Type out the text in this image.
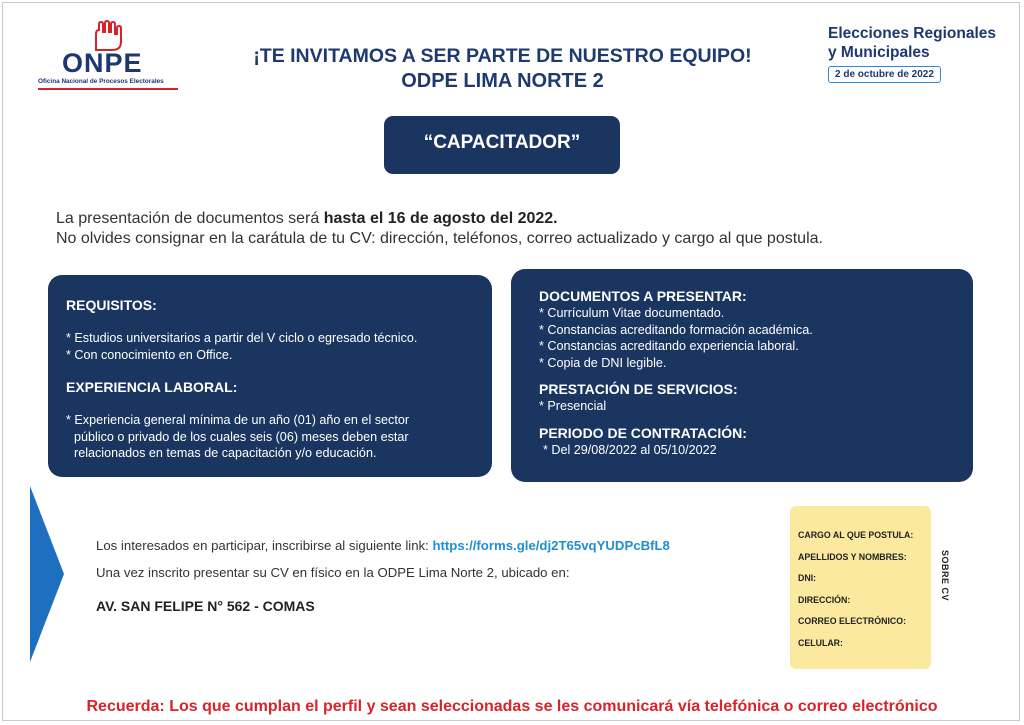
ONPE
Oficina Nacional de Procesos Electorales
¡TE INVITAMOS A SER PARTE DE NUESTRO EQUIPO!
ODPE LIMA NORTE 2
Elecciones Regionales
y Municipales
2 de octubre de 2022
“CAPACITADOR”
La presentación de documentos será hasta el 16 de agosto del 2022.
No olvides consignar en la carátula de tu CV: dirección, teléfonos, correo actualizado y cargo al que postula.
REQUISITOS:

* Estudios universitarios a partir del V ciclo o egresado técnico.

* Con conocimiento en Office.

EXPERIENCIA LABORAL:

* Experiencia general mínima de un año (01) año en el sector

público o privado de los cuales seis (06) meses deben estar

relacionados en temas de capacitación y/o educación.

DOCUMENTOS A PRESENTAR:

* Currículum Vitae documentado.

* Constancias acreditando formación académica.

* Constancias acreditando experiencia laboral.

* Copia de DNI legible.

PRESTACIÓN DE SERVICIOS:

* Presencial

PERIODO DE CONTRATACIÓN:

* Del 29/08/2022 al 05/10/2022

Los interesados en participar, inscribirse al siguiente link: https://forms.gle/dj2T65vqYUDPcBfL8
Una vez inscrito presentar su CV en físico en la ODPE Lima Norte 2, ubicado en:
AV. SAN FELIPE N° 562 - COMAS
CARGO AL QUE POSTULA:
APELLIDOS Y NOMBRES:
DNI:
DIRECCIÓN:
CORREO ELECTRÓNICO:
CELULAR:
SOBRE CV
Recuerda: Los que cumplan el perfil y sean seleccionadas se les comunicará vía telefónica o correo electrónico
